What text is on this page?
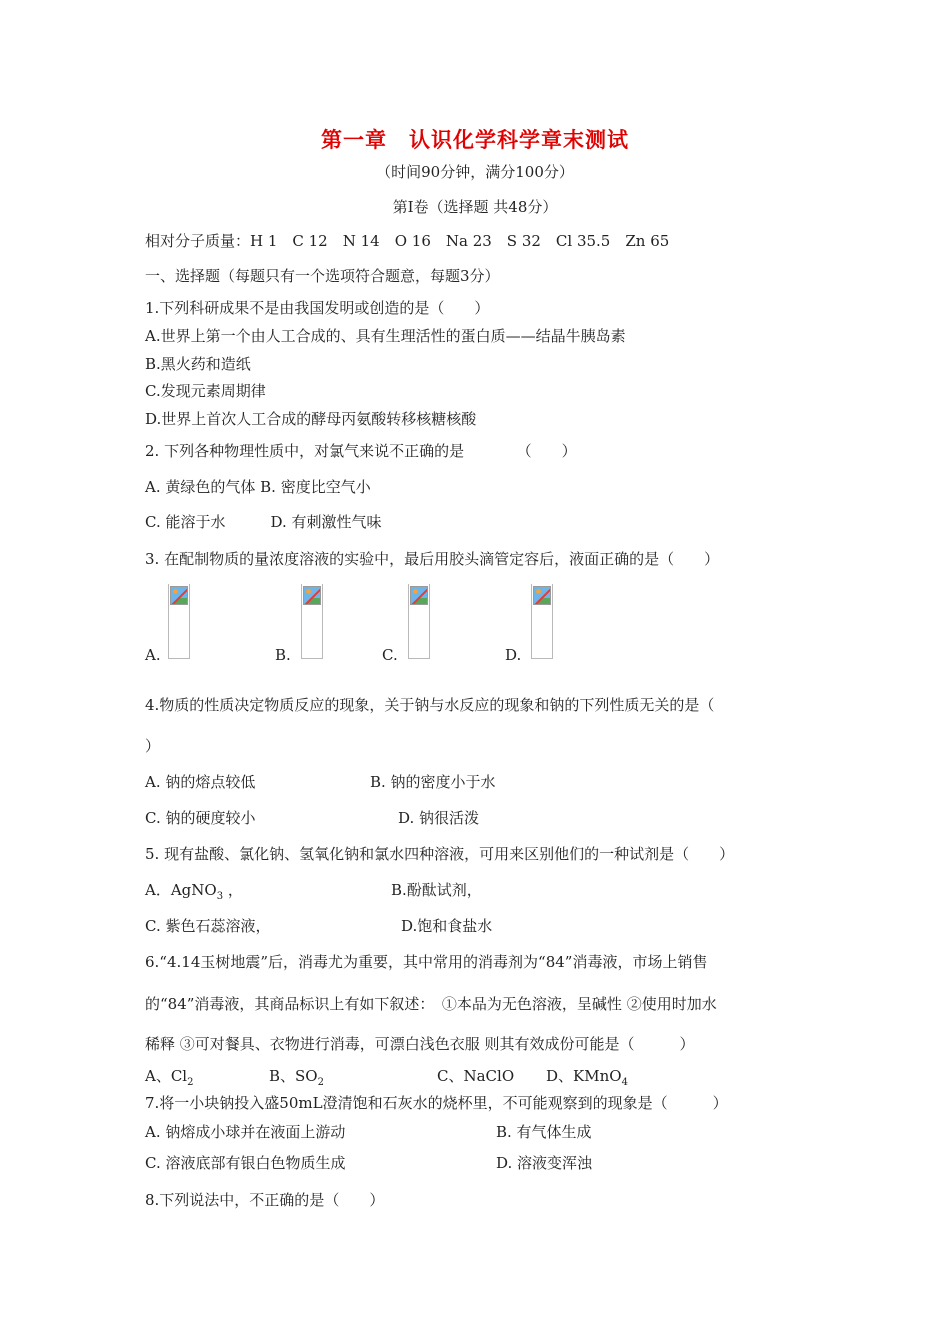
第一章　认识化学科学章末测试
（时间90分钟，满分100分）
第Ⅰ卷（选择题 共48分）
相对分子质量：H 1　C 12　N 14　O 16　Na 23　S 32　Cl 35.5　Zn 65
一、选择题（每题只有一个选项符合题意，每题3分）
1.下列科研成果不是由我国发明或创造的是（　　）
A.世界上第一个由人工合成的、具有生理活性的蛋白质——结晶牛胰岛素
B.黑火药和造纸
C.发现元素周期律
D.世界上首次人工合成的酵母丙氨酸转移核糖核酸
2. 下列各种物理性质中，对氯气来说不正确的是　　　　（　　）
A. 黄绿色的气体 B. 密度比空气小
C. 能溶于水　　　D. 有刺激性气味
3. 在配制物质的量浓度溶液的实验中，最后用胶头滴管定容后，液面正确的是（　　）
A.	B.	C.	D.
4.物质的性质决定物质反应的现象，关于钠与水反应的现象和钠的下列性质无关的是（
）
A. 钠的熔点较低	B. 钠的密度小于水
C. 钠的硬度较小	D. 钠很活泼
5. 现有盐酸、氯化钠、氢氧化钠和氯水四种溶液，可用来区别他们的一种试剂是（　　）
A．AgNO$_3$ ，	B.酚酞试剂，
C. 紫色石蕊溶液，	D.饱和食盐水
6.“4.14玉树地震”后，消毒尤为重要，其中常用的消毒剂为“84”消毒液，市场上销售
的“84”消毒液，其商品标识上有如下叙述：　①本品为无色溶液，呈碱性 ②使用时加水
稀释 ③可对餐具、衣物进行消毒，可漂白浅色衣服 则其有效成份可能是（　　　）
A、$Cl_2$	B、$SO_2$	C、NaClO D、KMnO$_4$
7.将一小块钠投入盛50mL澄清饱和石灰水的烧杯里，不可能观察到的现象是（　　　）
A. 钠熔成小球并在液面上游动	B. 有气体生成
C. 溶液底部有银白色物质生成	D. 溶液变浑浊
8.下列说法中，不正确的是（　　）
